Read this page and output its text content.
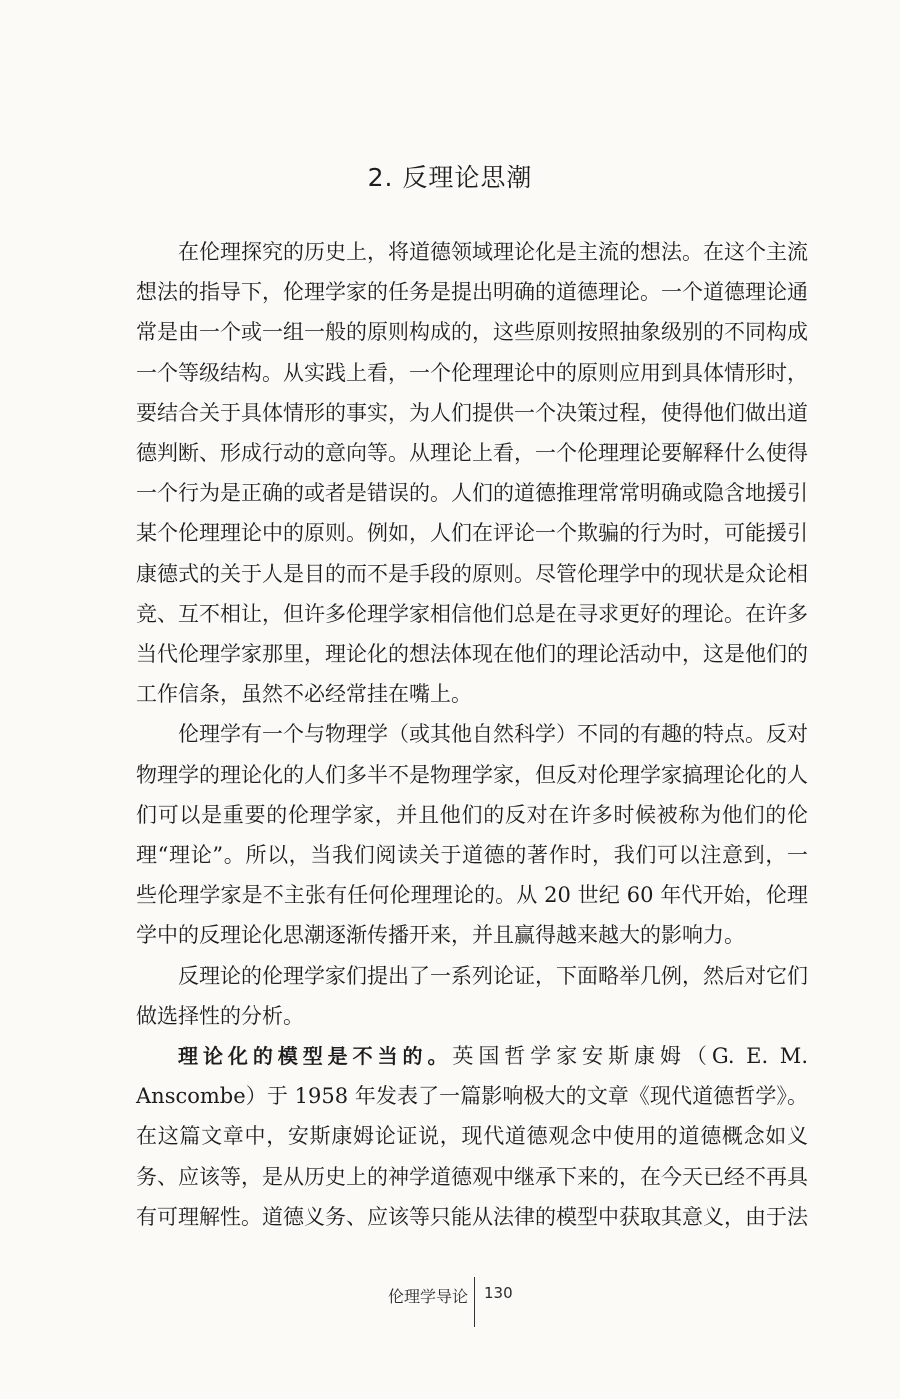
2. 反理论思潮

在伦理探究的历史上，将道德领域理论化是主流的想法。在这个主流想法的指导下，伦理学家的任务是提出明确的道德理论。一个道德理论通常是由一个或一组一般的原则构成的，这些原则按照抽象级别的不同构成一个等级结构。从实践上看，一个伦理理论中的原则应用到具体情形时，要结合关于具体情形的事实，为人们提供一个决策过程，使得他们做出道德判断、形成行动的意向等。从理论上看，一个伦理理论要解释什么使得一个行为是正确的或者是错误的。人们的道德推理常常明确或隐含地援引某个伦理理论中的原则。例如，人们在评论一个欺骗的行为时，可能援引康德式的关于人是目的而不是手段的原则。尽管伦理学中的现状是众论相竞、互不相让，但许多伦理学家相信他们总是在寻求更好的理论。在许多当代伦理学家那里，理论化的想法体现在他们的理论活动中，这是他们的工作信条，虽然不必经常挂在嘴上。

伦理学有一个与物理学（或其他自然科学）不同的有趣的特点。反对物理学的理论化的人们多半不是物理学家，但反对伦理学家搞理论化的人们可以是重要的伦理学家，并且他们的反对在许多时候被称为他们的伦理“理论”。所以，当我们阅读关于道德的著作时，我们可以注意到，一些伦理学家是不主张有任何伦理理论的。从 20 世纪 60 年代开始，伦理学中的反理论化思潮逐渐传播开来，并且赢得越来越大的影响力。

反理论的伦理学家们提出了一系列论证，下面略举几例，然后对它们做选择性的分析。

理论化的模型是不当的。英国哲学家安斯康姆（G. E. M. Anscombe）于 1958 年发表了一篇影响极大的文章《现代道德哲学》。在这篇文章中，安斯康姆论证说，现代道德观念中使用的道德概念如义务、应该等，是从历史上的神学道德观中继承下来的，在今天已经不再具有可理解性。道德义务、应该等只能从法律的模型中获取其意义，由于法

伦理学导论 130
